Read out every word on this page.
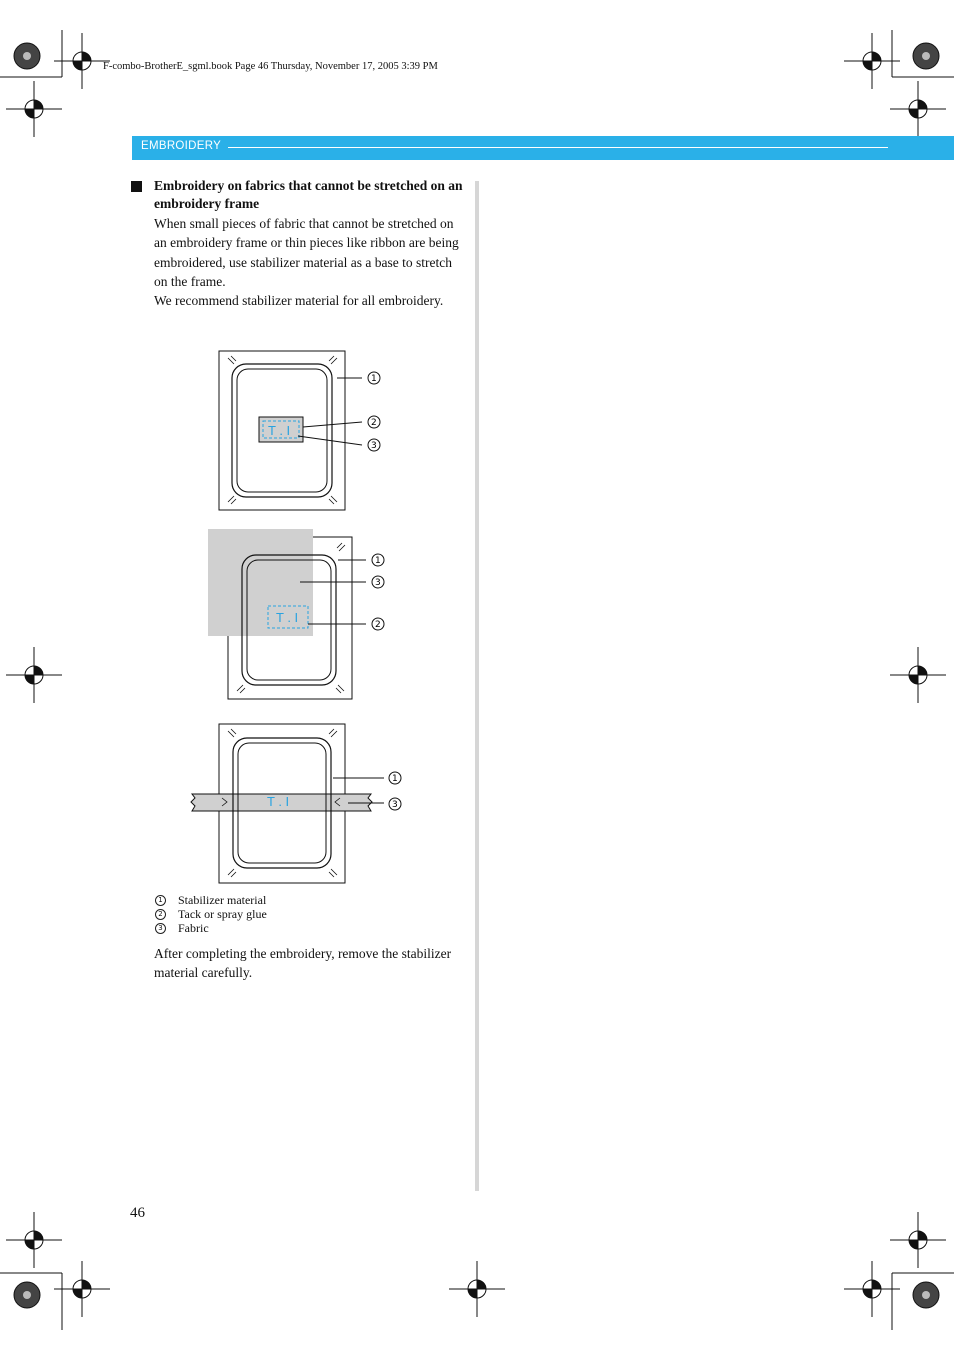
F-combo-BrotherE_sgml.book Page 46 Thursday, November 17, 2005 3:39 PM
EMBROIDERY
Embroidery on fabrics that cannot be stretched on an embroidery frame
When small pieces of fabric that cannot be stretched on an embroidery frame or thin pieces like ribbon are being embroidered, use stabilizer material as a base to stretch on the frame.
We recommend stabilizer material for all embroidery.
T . I
1
2
3
T . I
1
3
2
T . I
1
3
1 Stabilizer material
2 Tack or spray glue
3 Fabric
After completing the embroidery, remove the stabilizer material carefully.
46
